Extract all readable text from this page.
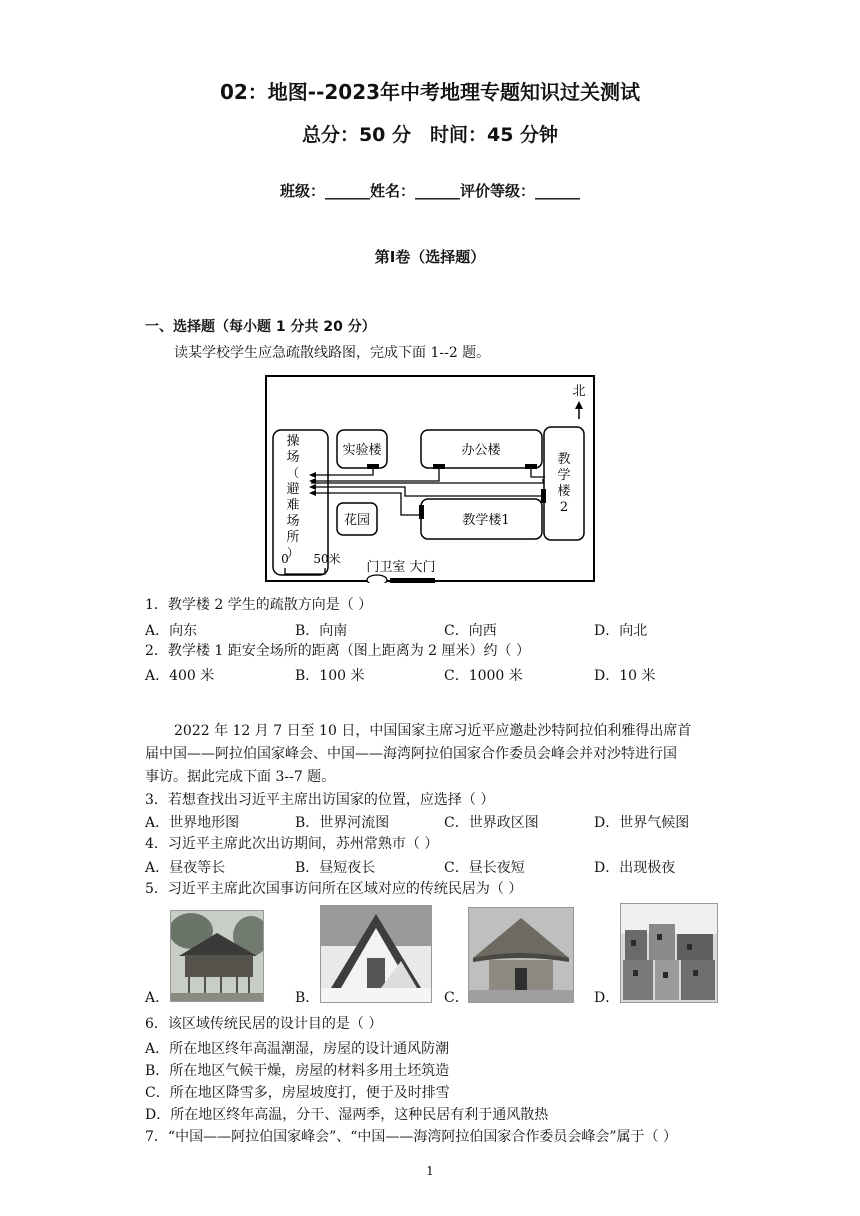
02：地图--2023年中考地理专题知识过关测试
总分：50 分　时间：45 分钟
班级：______姓名：______评价等级：______
第Ⅰ卷（选择题）
一、选择题（每小题 1 分共 20 分）
读某学校学生应急疏散线路图，完成下面 1--2 题。
北
操
场
（
避
难
场
所
）
实验楼	办公楼
教
学
楼
2
花园	教学楼1
0 50米
门卫室 大门
1．教学楼 2 学生的疏散方向是（ ）
A．向东	B．向南	C．向西	D．向北
2．教学楼 1 距安全场所的距离（图上距离为 2 厘米）约（ ）
A．400 米	B．100 米	C．1000 米	D．10 米
2022 年 12 月 7 日至 10 日，中国国家主席习近平应邀赴沙特阿拉伯利雅得出席首
届中国——阿拉伯国家峰会、中国——海湾阿拉伯国家合作委员会峰会并对沙特进行国
事访。据此完成下面 3--7 题。
3．若想查找出习近平主席出访国家的位置，应选择（ ）
A．世界地形图	B．世界河流图	C．世界政区图	D．世界气候图
4．习近平主席此次出访期间，苏州常熟市（ ）
A．昼夜等长	B．昼短夜长	C．昼长夜短	D．出现极夜
5．习近平主席此次国事访问所在区域对应的传统民居为（ ）
A．	B．	C．	D．
6．该区域传统民居的设计目的是（ ）
A．所在地区终年高温潮湿，房屋的设计通风防潮
B．所在地区气候干燥，房屋的材料多用土坯筑造
C．所在地区降雪多，房屋坡度打，便于及时排雪
D．所在地区终年高温，分干、湿两季，这种民居有利于通风散热
7．“中国——阿拉伯国家峰会”、“中国——海湾阿拉伯国家合作委员会峰会”属于（ ）
1
